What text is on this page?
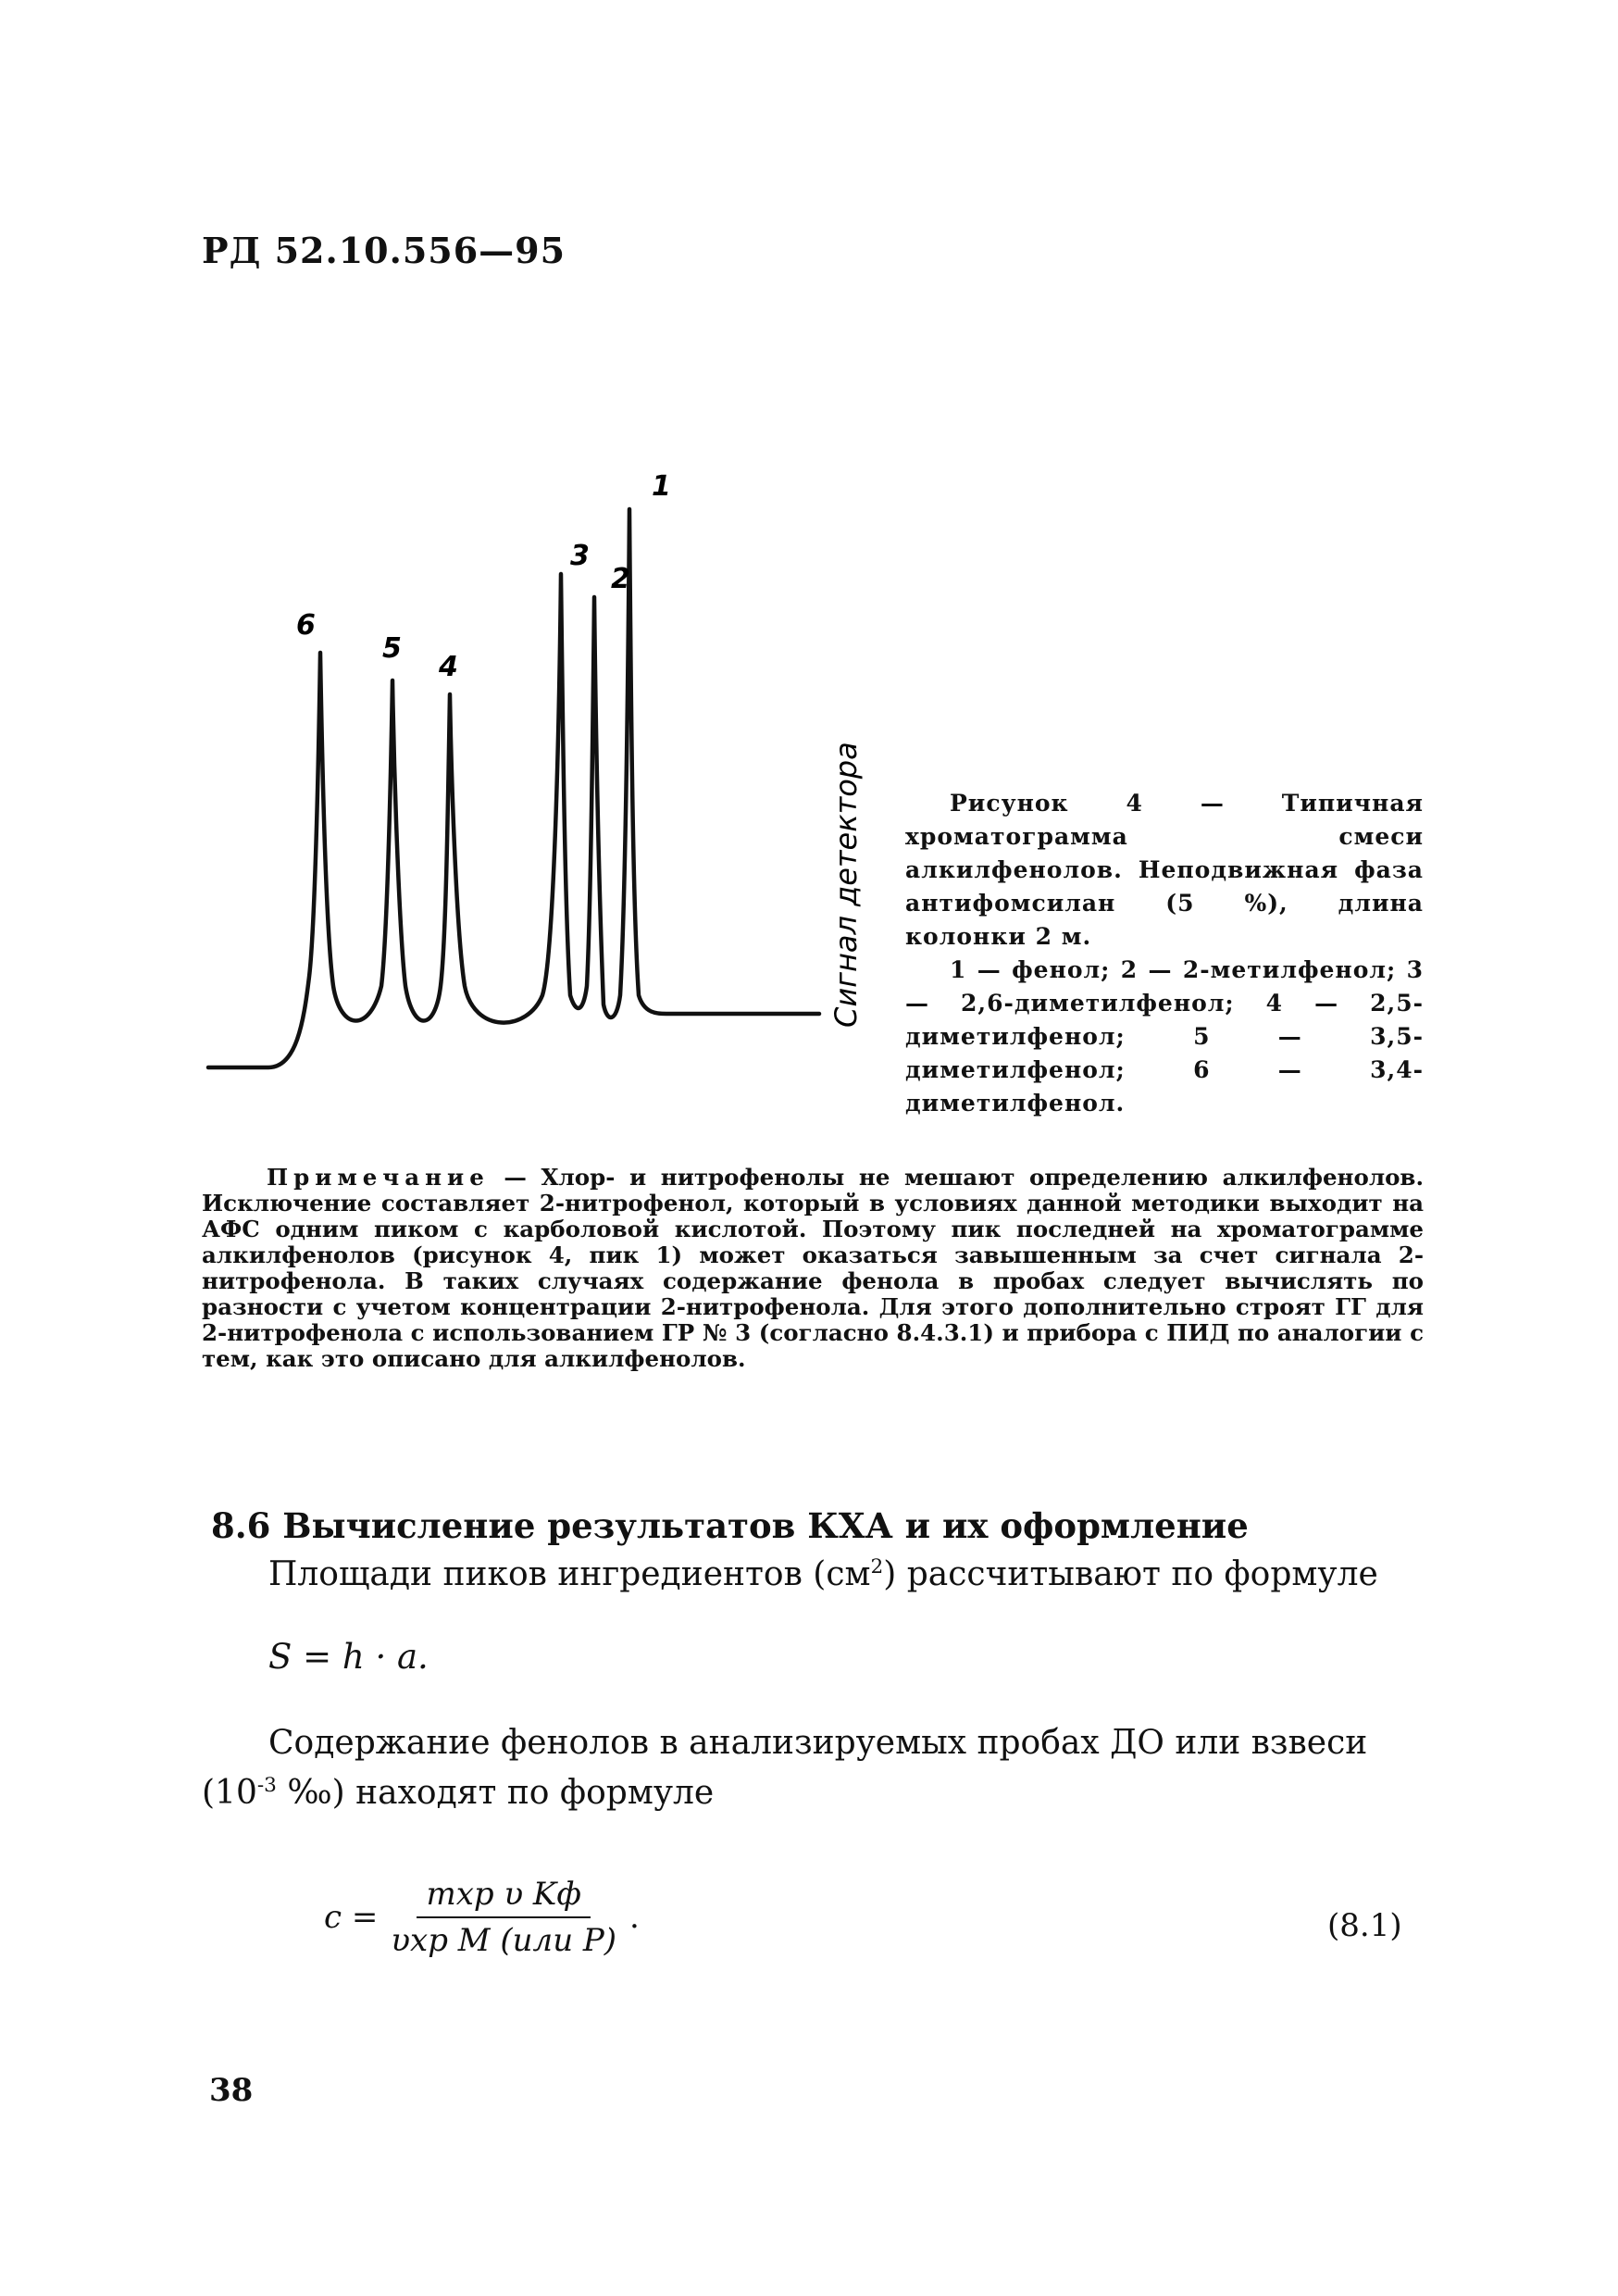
РД 52.10.556—95
1
2
3
4
5
6
Сигнал детектора	Рисунок 4 — Типичная хроматограмма смеси алкилфенолов. Неподвижная фаза антифомсилан (5 %), длина колонки 2 м.

1 — фенол; 2 — 2-метилфенол; 3 — 2,6-диметилфенол; 4 — 2,5-диметилфенол; 5 — 3,5-диметилфенол; 6 — 3,4-диметилфенол.

Примечание — Хлор- и нитрофенолы не мешают определению алкилфенолов. Исключение составляет 2-нитрофенол, который в условиях данной методики выходит на АФС одним пиком с карболовой кислотой. Поэтому пик последней на хроматограмме алкилфенолов (рисунок 4, пик 1) может оказаться завышенным за счет сигнала 2-нитрофенола. В таких случаях содержание фенола в пробах следует вычислять по разности с учетом концентрации 2-нитрофенола. Для этого дополнительно строят ГГ для 2-нитрофенола с использованием ГР № 3 (согласно 8.4.3.1) и прибора с ПИД по аналогии с тем, как это описано для алкилфенолов.
8.6 Вычисление результатов КХА и их оформление
Площади пиков ингредиентов $(см^2)$ рассчитывают по формуле
S = h · a.
Содержание фенолов в анализируемых пробах ДО или взвеси ($10^{-3}$ ‰) находят по формуле
c =
mхр υ Kф
υхр M (или P)
.	(8.1)
38
